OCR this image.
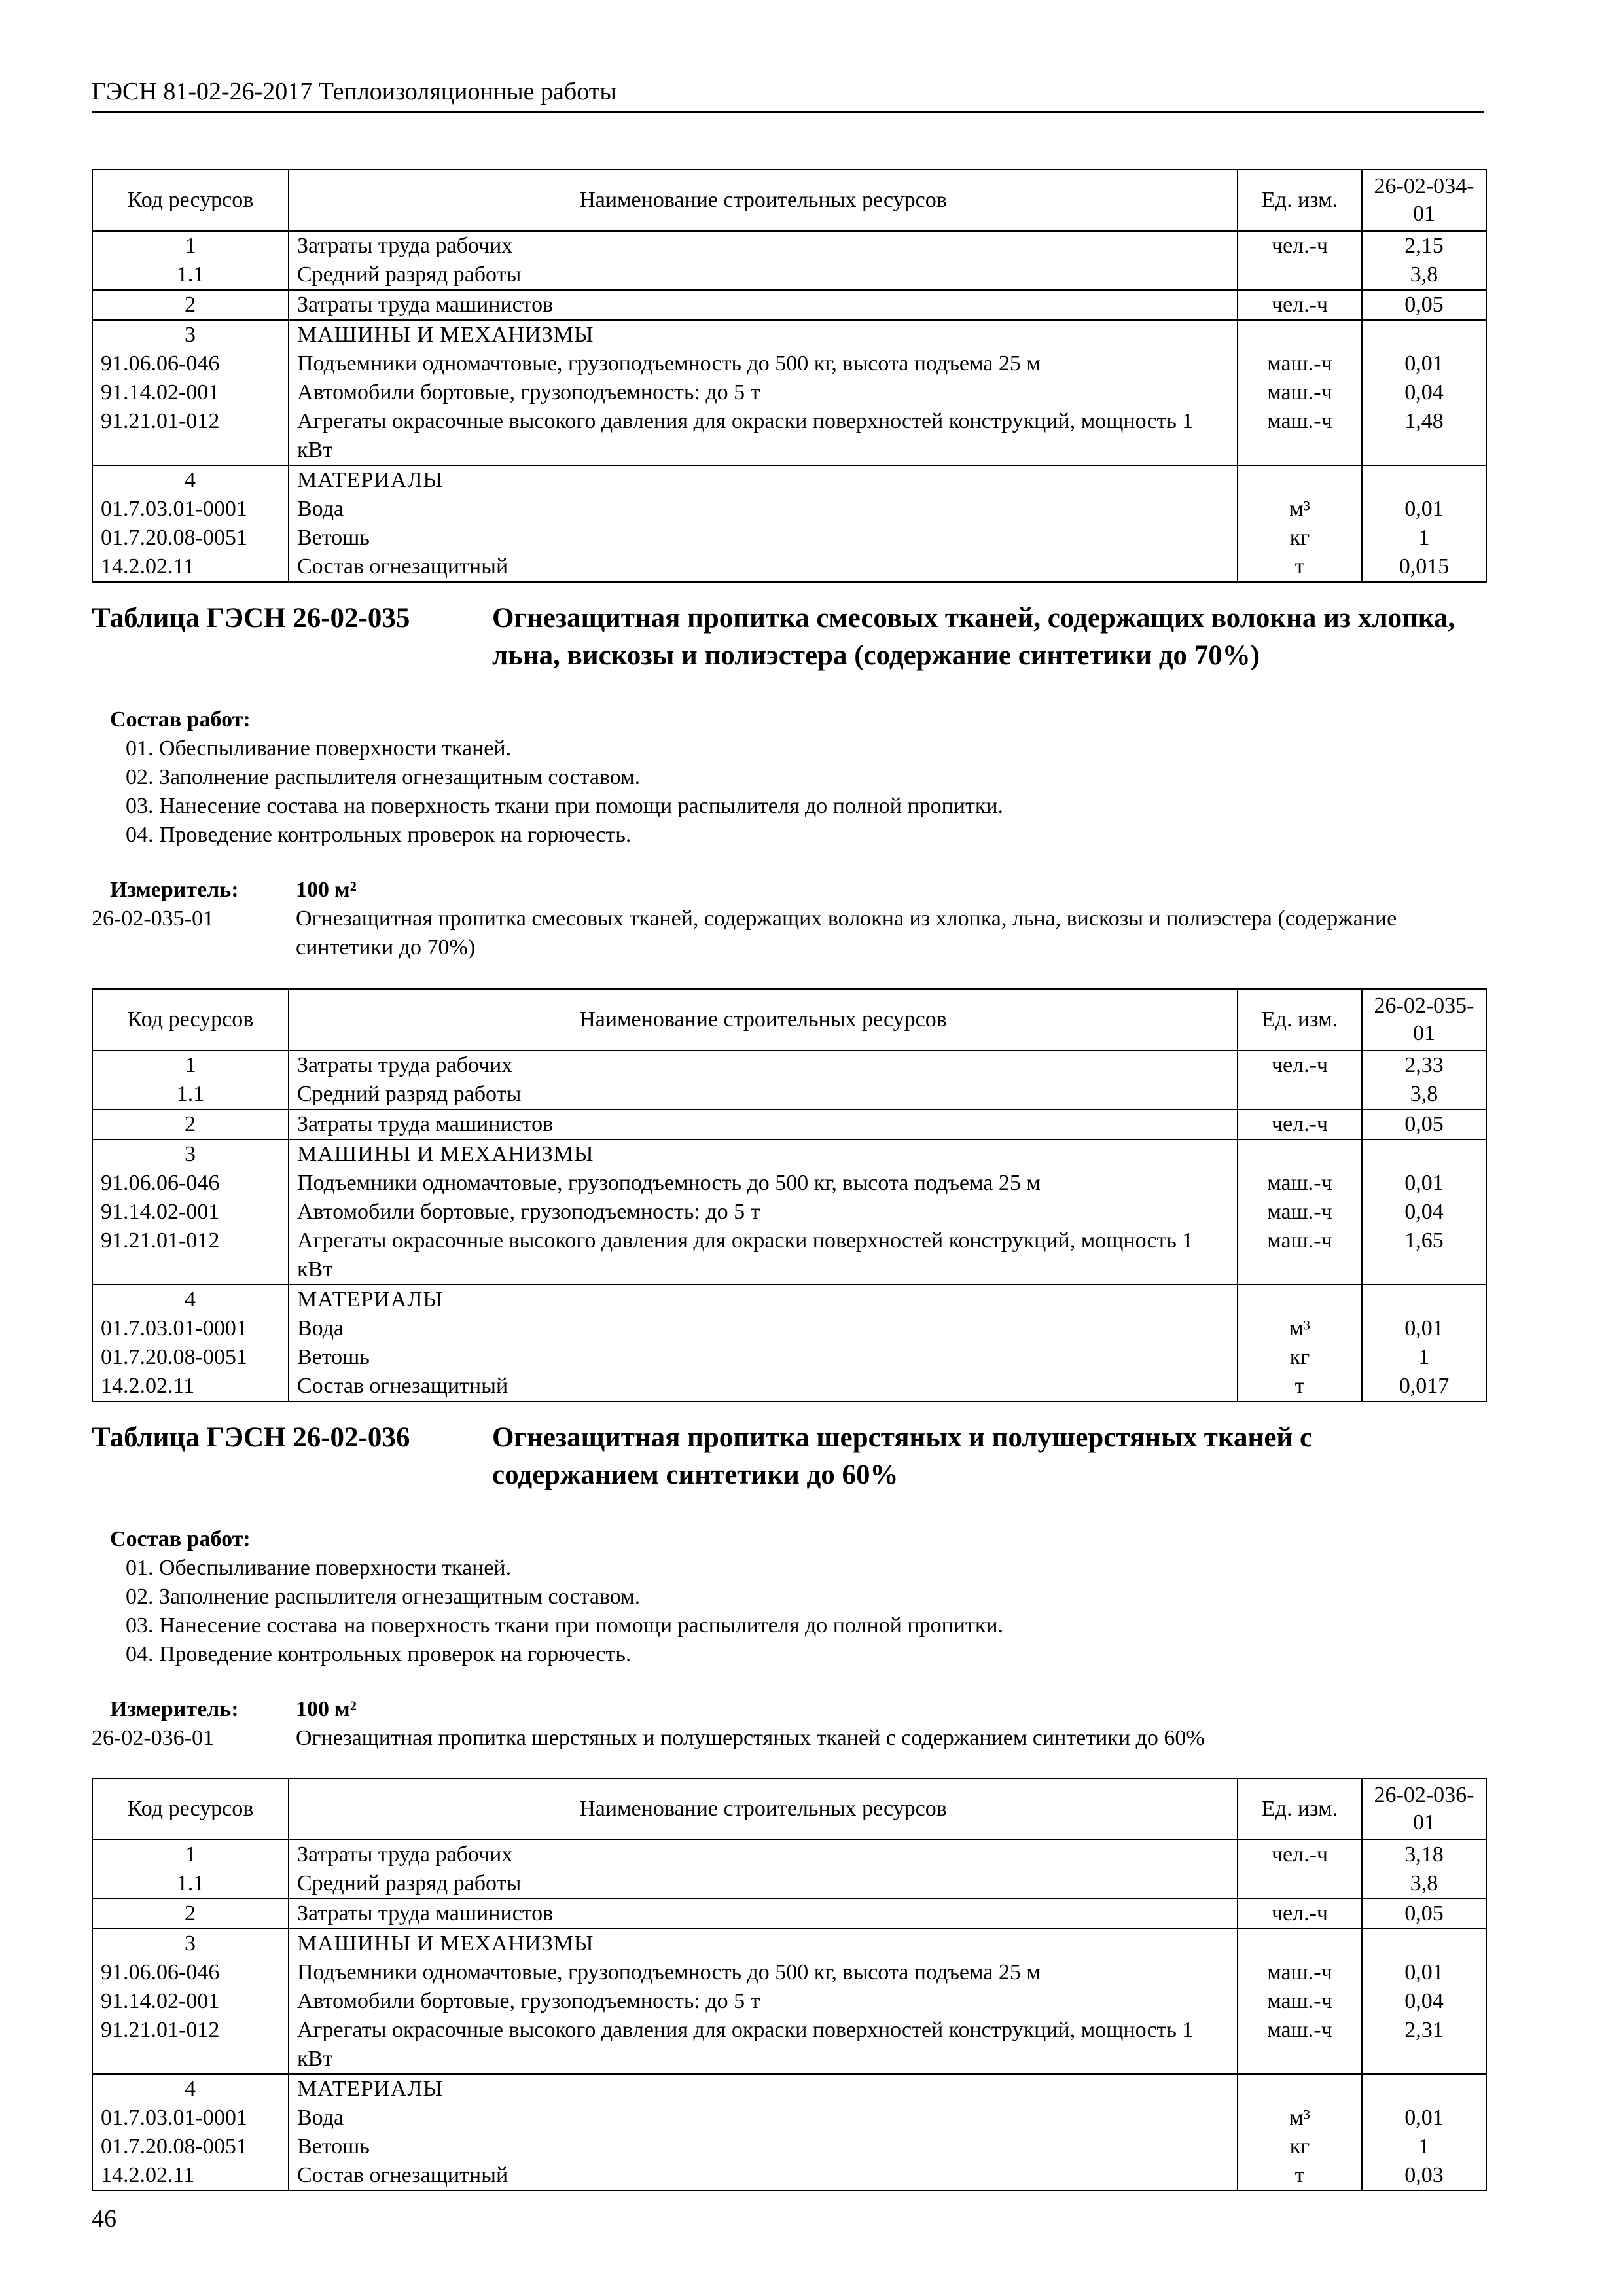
ГЭСН 81-02-26-2017 Теплоизоляционные работы
Код ресурсов	Наименование строительных ресурсов	Ед. изм.	26-02-034-01
1	Затраты труда рабочих	чел.-ч	2,15
1.1	Средний разряд работы		3,8
2	Затраты труда машинистов	чел.-ч	0,05
3	МАШИНЫ И МЕХАНИЗМЫ		
91.06.06-046	Подъемники одномачтовые, грузоподъемность до 500 кг, высота подъема 25 м	маш.-ч	0,01
91.14.02-001	Автомобили бортовые, грузоподъемность: до 5 т	маш.-ч	0,04
91.21.01-012	Агрегаты окрасочные высокого давления для окраски поверхностей конструкций, мощность 1 кВт	маш.-ч	1,48
4	МАТЕРИАЛЫ		
01.7.03.01-0001	Вода	м³	0,01
01.7.20.08-0051	Ветошь	кг	1
14.2.02.11	Состав огнезащитный	т	0,015
Таблица ГЭСН 26-02-035	Огнезащитная пропитка смесовых тканей, содержащих волокна из хлопка, льна, вискозы и полиэстера (содержание синтетики до 70%)
Состав работ:
01. Обеспыливание поверхности тканей.
02. Заполнение распылителя огнезащитным составом.
03. Нанесение состава на поверхность ткани при помощи распылителя до полной пропитки.
04. Проведение контрольных проверок на горючесть.
Измеритель:	100 м²
26-02-035-01	Огнезащитная пропитка смесовых тканей, содержащих волокна из хлопка, льна, вискозы и полиэстера (содержание синтетики до 70%)
Код ресурсов	Наименование строительных ресурсов	Ед. изм.	26-02-035-01
1	Затраты труда рабочих	чел.-ч	2,33
1.1	Средний разряд работы		3,8
2	Затраты труда машинистов	чел.-ч	0,05
3	МАШИНЫ И МЕХАНИЗМЫ		
91.06.06-046	Подъемники одномачтовые, грузоподъемность до 500 кг, высота подъема 25 м	маш.-ч	0,01
91.14.02-001	Автомобили бортовые, грузоподъемность: до 5 т	маш.-ч	0,04
91.21.01-012	Агрегаты окрасочные высокого давления для окраски поверхностей конструкций, мощность 1 кВт	маш.-ч	1,65
4	МАТЕРИАЛЫ		
01.7.03.01-0001	Вода	м³	0,01
01.7.20.08-0051	Ветошь	кг	1
14.2.02.11	Состав огнезащитный	т	0,017
Таблица ГЭСН 26-02-036	Огнезащитная пропитка шерстяных и полушерстяных тканей с содержанием синтетики до 60%
Состав работ:
01. Обеспыливание поверхности тканей.
02. Заполнение распылителя огнезащитным составом.
03. Нанесение состава на поверхность ткани при помощи распылителя до полной пропитки.
04. Проведение контрольных проверок на горючесть.
Измеритель:	100 м²
26-02-036-01	Огнезащитная пропитка шерстяных и полушерстяных тканей с содержанием синтетики до 60%
Код ресурсов	Наименование строительных ресурсов	Ед. изм.	26-02-036-01
1	Затраты труда рабочих	чел.-ч	3,18
1.1	Средний разряд работы		3,8
2	Затраты труда машинистов	чел.-ч	0,05
3	МАШИНЫ И МЕХАНИЗМЫ		
91.06.06-046	Подъемники одномачтовые, грузоподъемность до 500 кг, высота подъема 25 м	маш.-ч	0,01
91.14.02-001	Автомобили бортовые, грузоподъемность: до 5 т	маш.-ч	0,04
91.21.01-012	Агрегаты окрасочные высокого давления для окраски поверхностей конструкций, мощность 1 кВт	маш.-ч	2,31
4	МАТЕРИАЛЫ		
01.7.03.01-0001	Вода	м³	0,01
01.7.20.08-0051	Ветошь	кг	1
14.2.02.11	Состав огнезащитный	т	0,03
46
